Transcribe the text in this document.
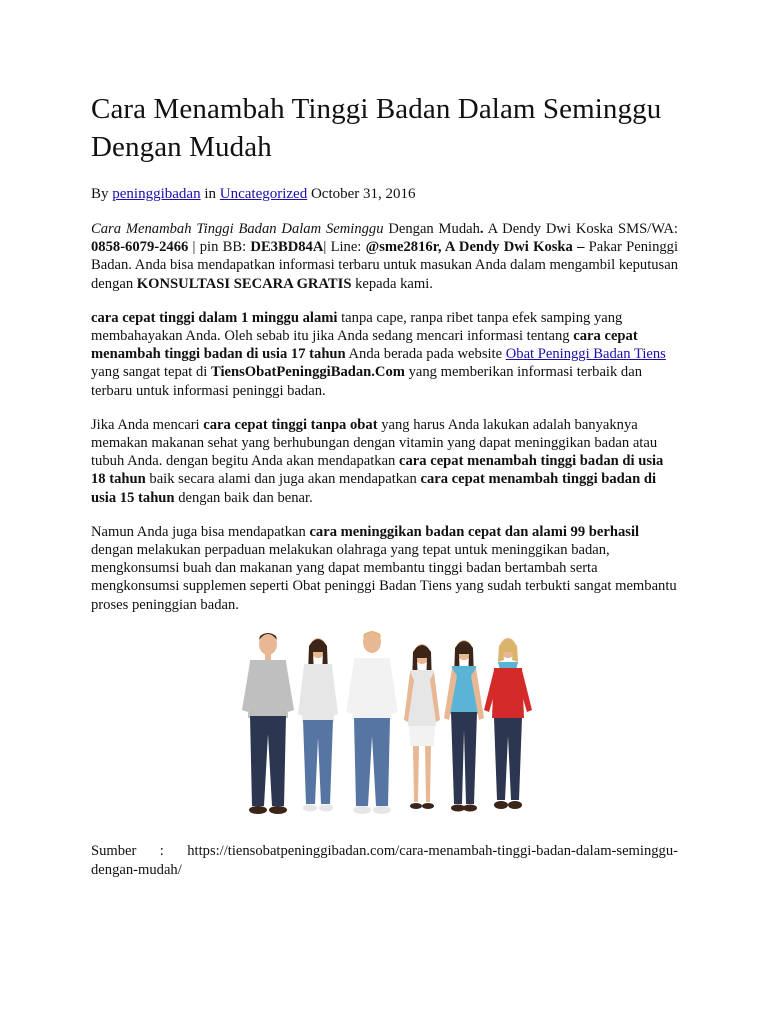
Cara Menambah Tinggi Badan Dalam Seminggu Dengan Mudah
By peninggibadan in Uncategorized October 31, 2016

Cara Menambah Tinggi Badan Dalam Seminggu Dengan Mudah. A Dendy Dwi Koska SMS/WA: 0858-6079-2466 | pin BB: DE3BD84A| Line: @sme2816r, A Dendy Dwi Koska – Pakar Peninggi Badan. Anda bisa mendapatkan informasi terbaru untuk masukan Anda dalam mengambil keputusan dengan KONSULTASI SECARA GRATIS kepada kami.

cara cepat tinggi dalam 1 minggu alami tanpa cape, ranpa ribet tanpa efek samping yang membahayakan Anda. Oleh sebab itu jika Anda sedang mencari informasi tentang cara cepat menambah tinggi badan di usia 17 tahun Anda berada pada website Obat Peninggi Badan Tiens yang sangat tepat di TiensObatPeninggiBadan.Com yang memberikan informasi terbaik dan terbaru untuk informasi peninggi badan.

Jika Anda mencari cara cepat tinggi tanpa obat yang harus Anda lakukan adalah banyaknya memakan makanan sehat yang berhubungan dengan vitamin yang dapat meninggikan badan atau tubuh Anda. dengan begitu Anda akan mendapatkan cara cepat menambah tinggi badan di usia 18 tahun baik secara alami dan juga akan mendapatkan cara cepat menambah tinggi badan di usia 15 tahun dengan baik dan benar.

Namun Anda juga bisa mendapatkan cara meninggikan badan cepat dan alami 99 berhasil dengan melakukan perpaduan melakukan olahraga yang tepat untuk meninggikan badan, mengkonsumsi buah dan makanan yang dapat membantu tinggi badan bertambah serta mengkonsumsi supplemen seperti Obat peninggi Badan Tiens yang sudah terbukti sangat membantu proses peninggian badan.

Sumber : https://tiensobatpeninggibadan.com/cara-menambah-tinggi-badan-dalam-seminggu-dengan-mudah/
